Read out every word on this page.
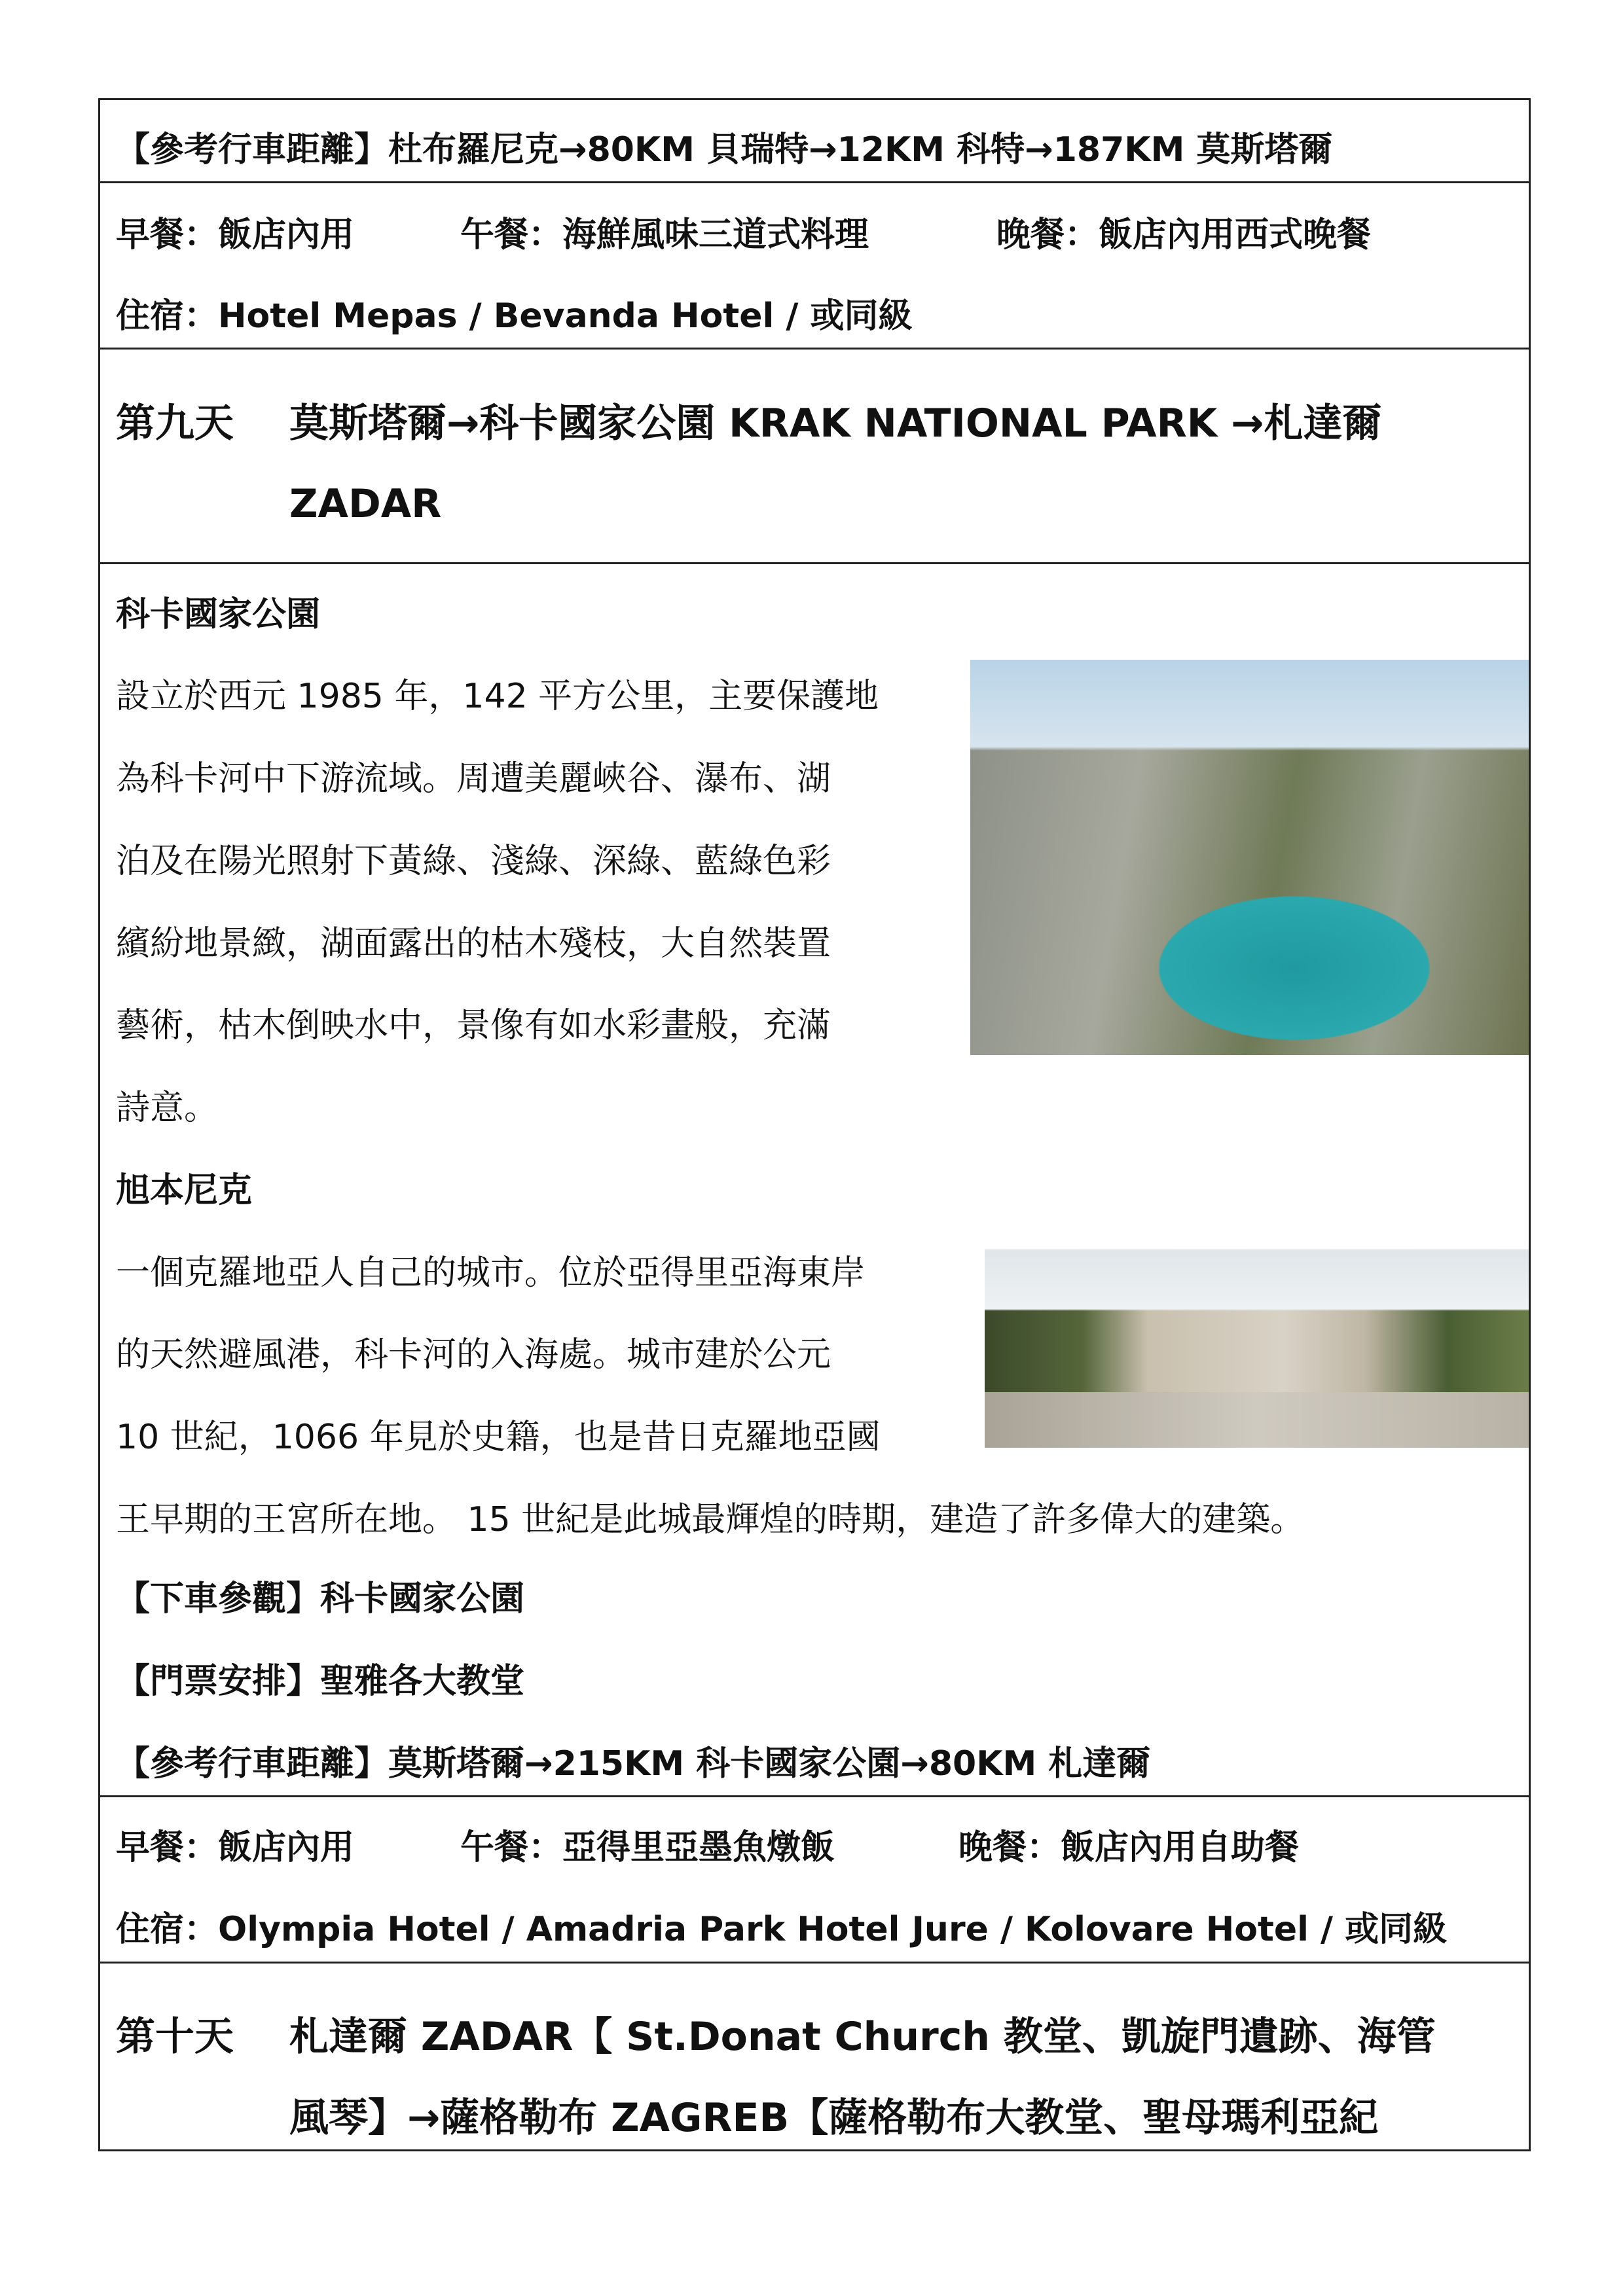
【參考行車距離】杜布羅尼克→80KM 貝瑞特→12KM 科特→187KM 莫斯塔爾
早餐：飯店內用	午餐：海鮮風味三道式料理	晚餐：飯店內用西式晚餐
住宿：Hotel Mepas / Bevanda Hotel / 或同級
第九天 莫斯塔爾→科卡國家公園 KRAK NATIONAL PARK →札達爾
ZADAR
科卡國家公園
設立於西元 1985 年，142 平方公里，主要保護地
為科卡河中下游流域。周遭美麗峽谷、瀑布、湖
泊及在陽光照射下黃綠、淺綠、深綠、藍綠色彩
繽紛地景緻，湖面露出的枯木殘枝，大自然裝置
藝術，枯木倒映水中，景像有如水彩畫般，充滿
詩意。
旭本尼克
一個克羅地亞人自己的城市。位於亞得里亞海東岸
的天然避風港，科卡河的入海處。城市建於公元
10 世紀，1066 年見於史籍，也是昔日克羅地亞國
王早期的王宮所在地。 15 世紀是此城最輝煌的時期，建造了許多偉大的建築。
【下車參觀】科卡國家公園
【門票安排】聖雅各大教堂
【參考行車距離】莫斯塔爾→215KM 科卡國家公園→80KM 札達爾
早餐：飯店內用	午餐：亞得里亞墨魚燉飯	晚餐：飯店內用自助餐
住宿：Olympia Hotel / Amadria Park Hotel Jure / Kolovare Hotel / 或同級
第十天 札達爾 ZADAR【 St.Donat Church 教堂、凱旋門遺跡、海管
風琴】→薩格勒布 ZAGREB【薩格勒布大教堂、聖母瑪利亞紀
